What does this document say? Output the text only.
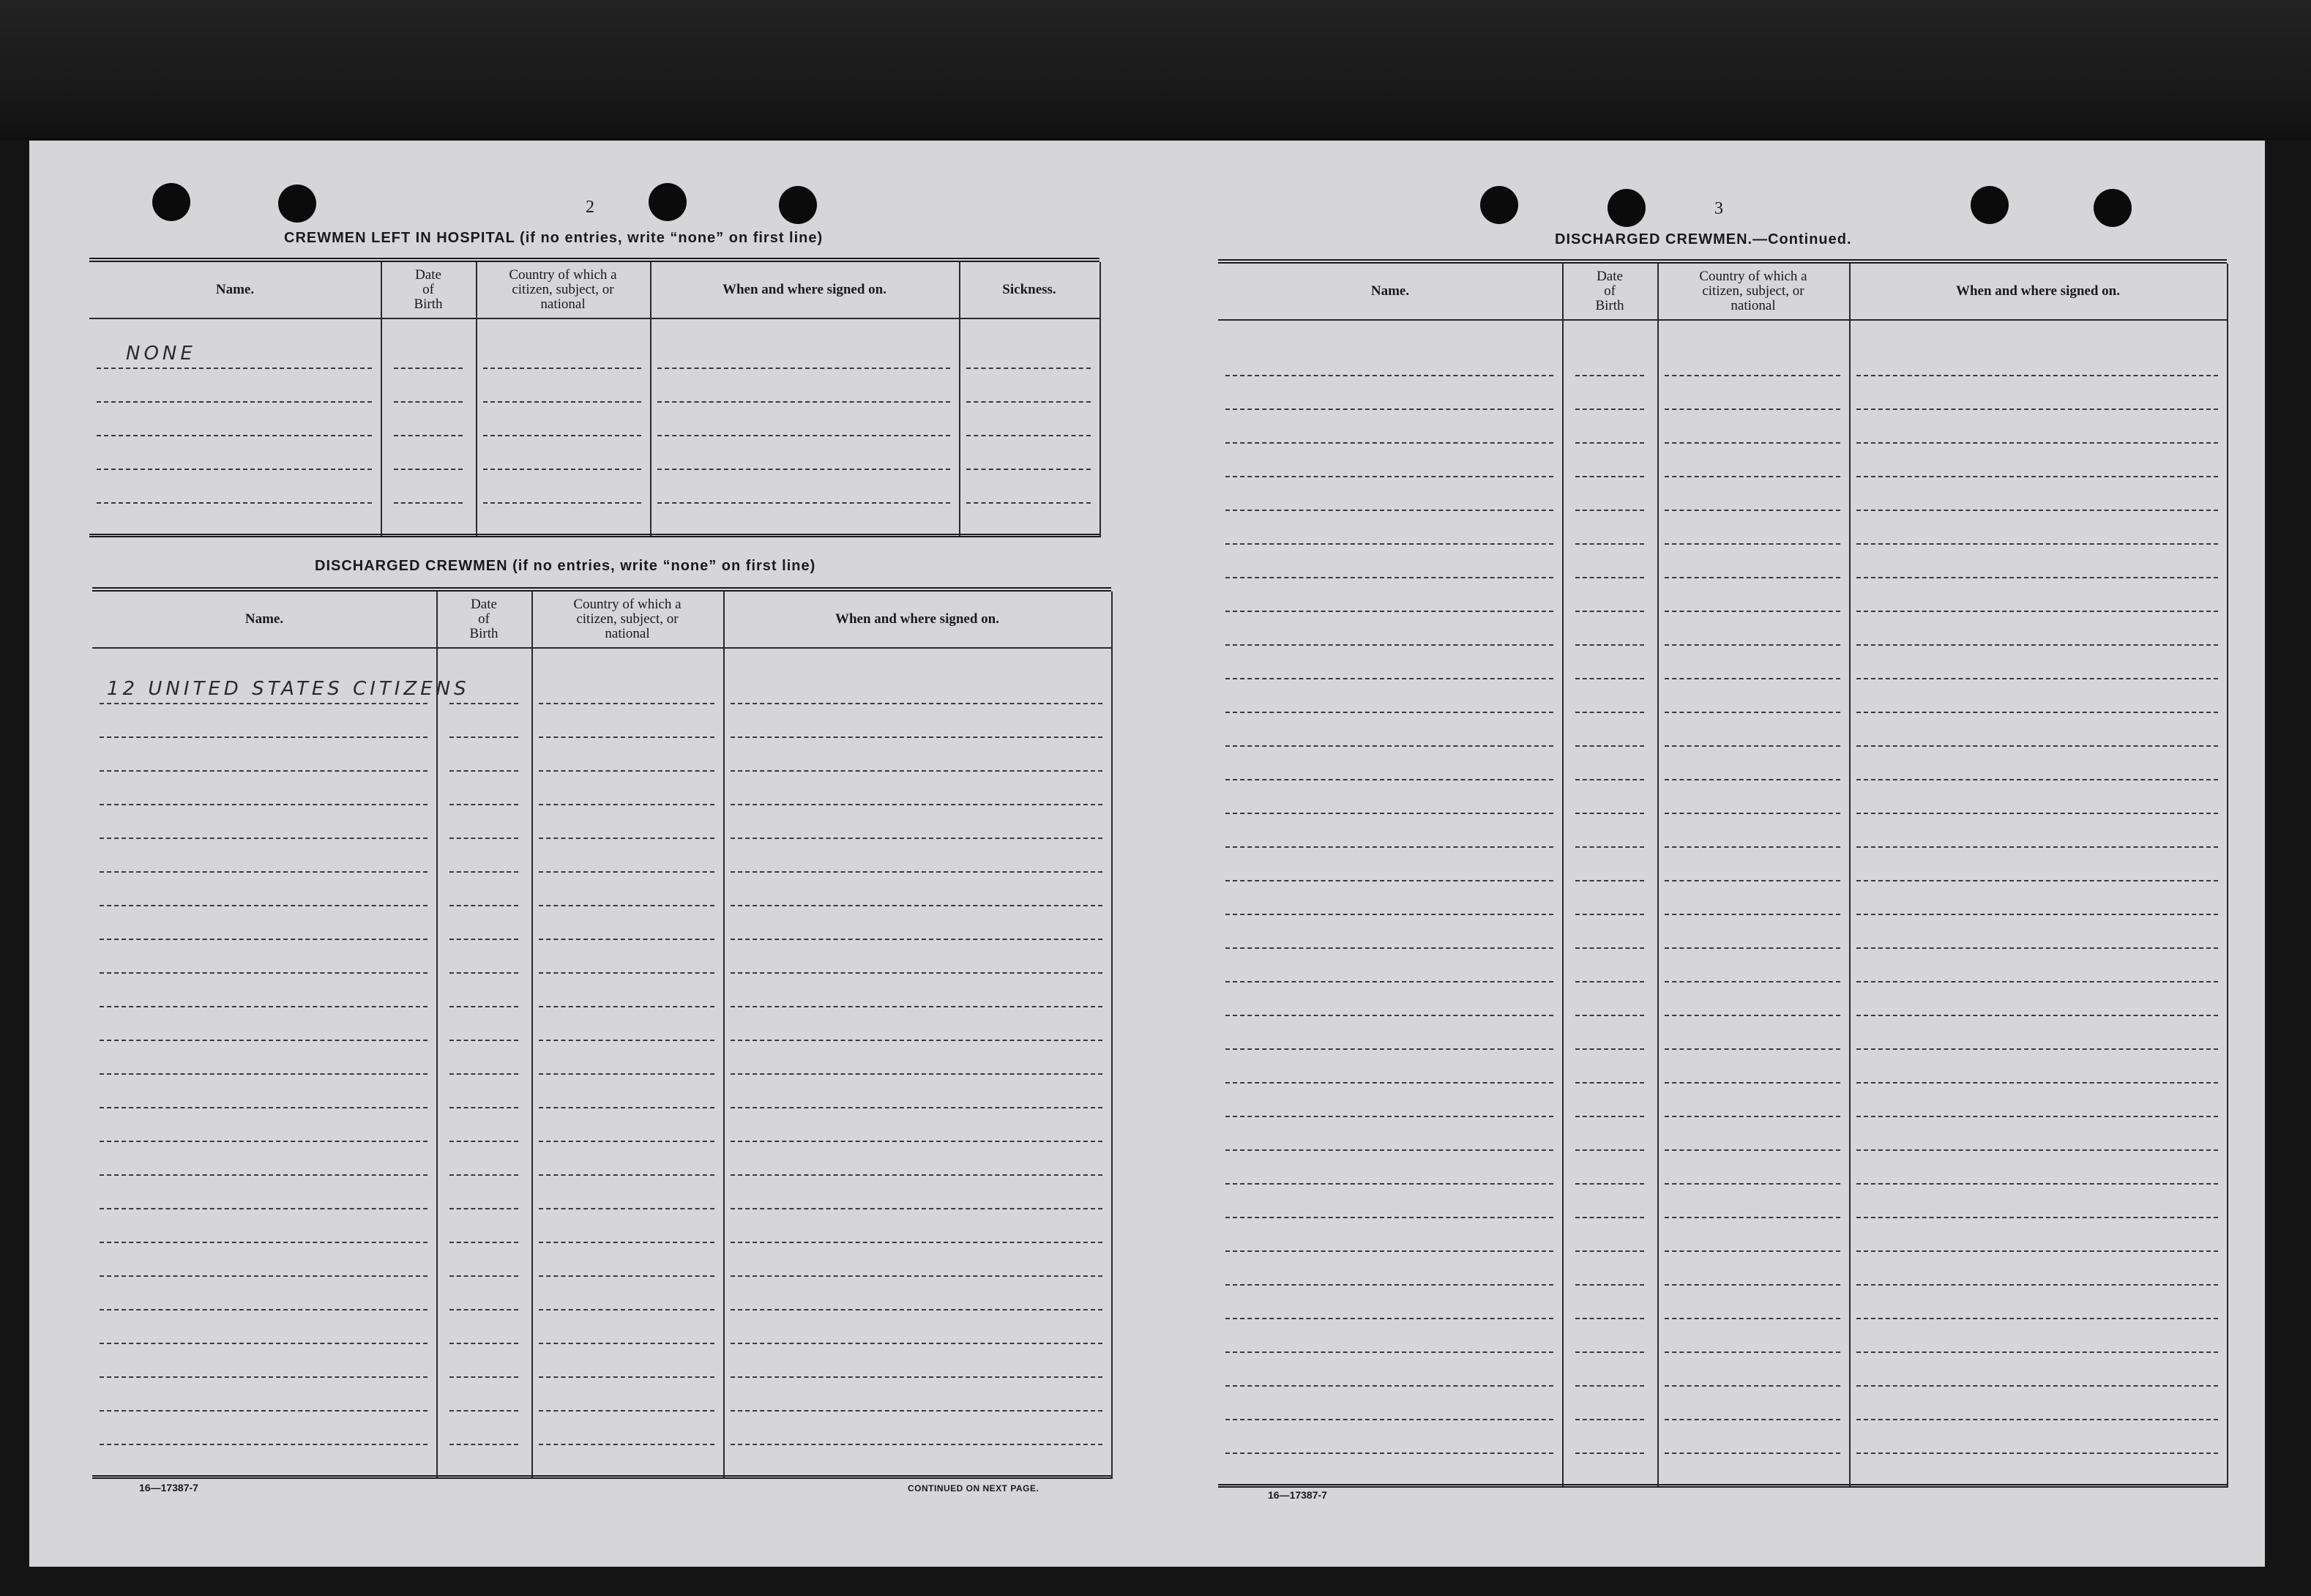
2
CREWMEN LEFT IN HOSPITAL (if no entries, write “none” on first line)
Name.
NONE
Date
of
Birth
Country of which a
citizen, subject, or
national
When and where signed on.	Sickness.
DISCHARGED CREWMEN (if no entries, write “none” on first line)
Name.
12 UNITED STATES CITIZENS
Date
of
Birth
Country of which a
citizen, subject, or
national
When and where signed on.
16—17387-7	CONTINUED ON NEXT PAGE.
3
DISCHARGED CREWMEN.—Continued.
Name.
Date
of
Birth
Country of which a
citizen, subject, or
national
When and where signed on.
16—17387-7
